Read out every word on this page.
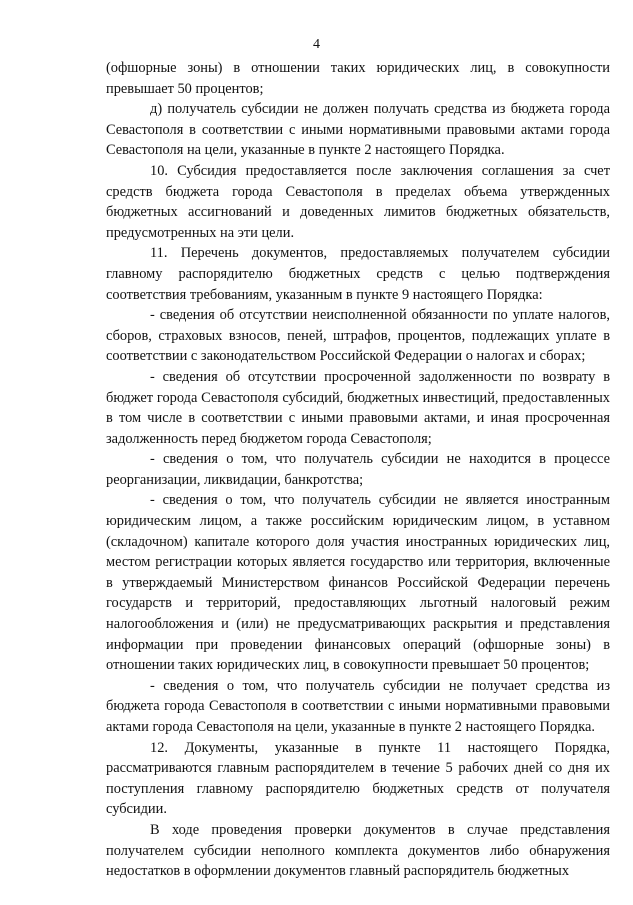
4

(офшорные зоны) в отношении таких юридических лиц, в совокупности превышает 50 процентов;

д) получатель субсидии не должен получать средства из бюджета города Севастополя в соответствии с иными нормативными правовыми актами города Севастополя на цели, указанные в пункте 2 настоящего Порядка.

10. Субсидия предоставляется после заключения соглашения за счет средств бюджета города Севастополя в пределах объема утвержденных бюджетных ассигнований и доведенных лимитов бюджетных обязательств, предусмотренных на эти цели.

11. Перечень документов, предоставляемых получателем субсидии главному распорядителю бюджетных средств с целью подтверждения соответствия требованиям, указанным в пункте 9 настоящего Порядка:

- сведения об отсутствии неисполненной обязанности по уплате налогов, сборов, страховых взносов, пеней, штрафов, процентов, подлежащих уплате в соответствии с законодательством Российской Федерации о налогах и сборах;

- сведения об отсутствии просроченной задолженности по возврату в бюджет города Севастополя субсидий, бюджетных инвестиций, предоставленных в том числе в соответствии с иными правовыми актами, и иная просроченная задолженность перед бюджетом города Севастополя;

- сведения о том, что получатель субсидии не находится в процессе реорганизации, ликвидации, банкротства;

- сведения о том, что получатель субсидии не является иностранным юридическим лицом, а также российским юридическим лицом, в уставном (складочном) капитале которого доля участия иностранных юридических лиц, местом регистрации которых является государство или территория, включенные в утверждаемый Министерством финансов Российской Федерации перечень государств и территорий, предоставляющих льготный налоговый режим налогообложения и (или) не предусматривающих раскрытия и представления информации при проведении финансовых операций (офшорные зоны) в отношении таких юридических лиц, в совокупности превышает 50 процентов;

- сведения о том, что получатель субсидии не получает средства из бюджета города Севастополя в соответствии с иными нормативными правовыми актами города Севастополя на цели, указанные в пункте 2 настоящего Порядка.

12. Документы, указанные в пункте 11 настоящего Порядка, рассматриваются главным распорядителем в течение 5 рабочих дней со дня их поступления главному распорядителю бюджетных средств от получателя субсидии.

В ходе проведения проверки документов в случае представления получателем субсидии неполного комплекта документов либо обнаружения недостатков в оформлении документов главный распорядитель бюджетных
